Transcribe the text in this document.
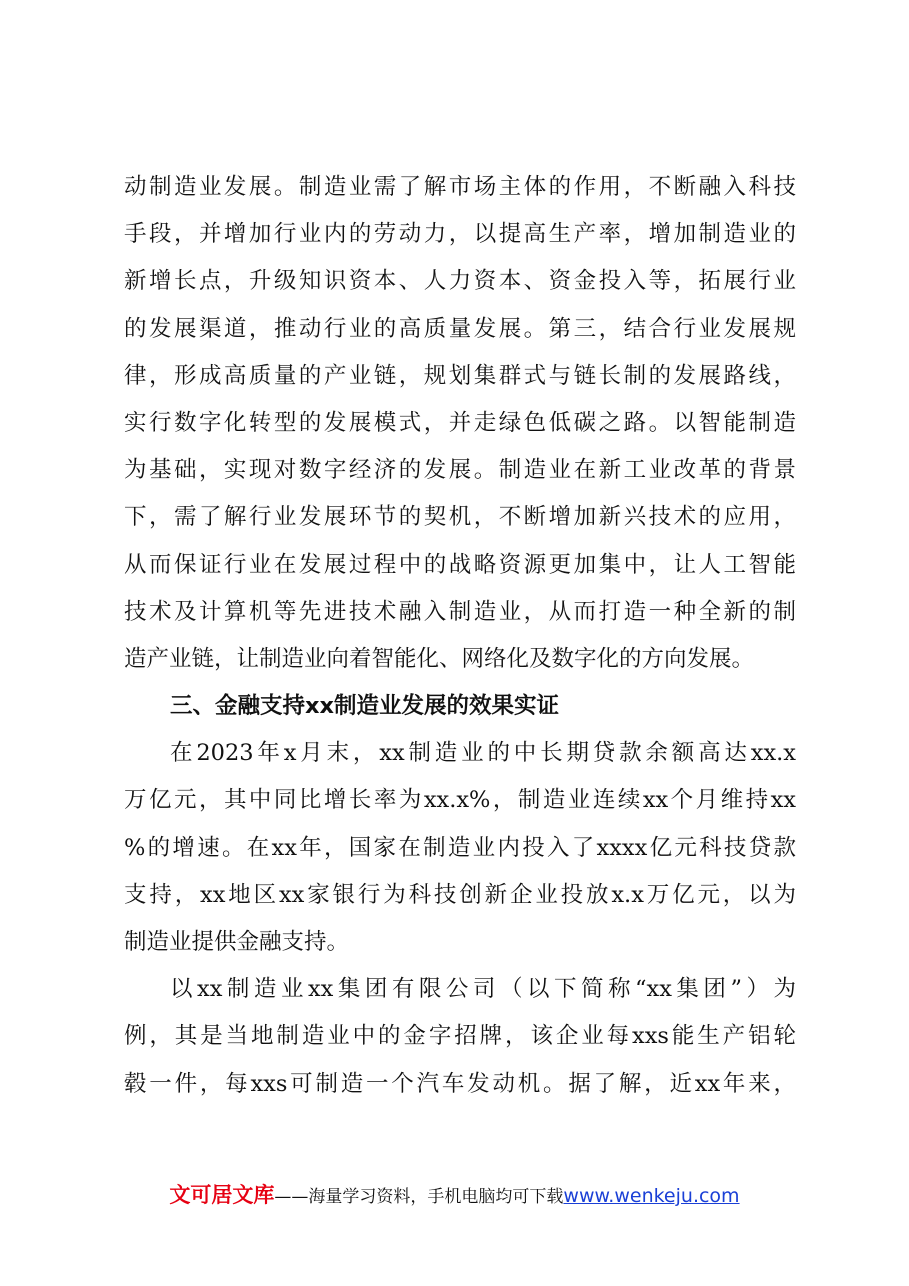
动制造业发展。制造业需了解市场主体的作用，不断融入科技
手段，并增加行业内的劳动力，以提高生产率，增加制造业的
新增长点，升级知识资本、人力资本、资金投入等，拓展行业
的发展渠道，推动行业的高质量发展。第三，结合行业发展规
律，形成高质量的产业链，规划集群式与链长制的发展路线，
实行数字化转型的发展模式，并走绿色低碳之路。以智能制造
为基础，实现对数字经济的发展。制造业在新工业改革的背景
下，需了解行业发展环节的契机，不断增加新兴技术的应用，
从而保证行业在发展过程中的战略资源更加集中，让人工智能
技术及计算机等先进技术融入制造业，从而打造一种全新的制
造产业链，让制造业向着智能化、网络化及数字化的方向发展。
三、金融支持xx制造业发展的效果实证
在2023年x月末，xx制造业的中长期贷款余额高达xx.x
万亿元，其中同比增长率为xx.x%，制造业连续xx个月维持xx
%的增速。在xx年，国家在制造业内投入了xxxx亿元科技贷款
支持，xx地区xx家银行为科技创新企业投放x.x万亿元，以为
制造业提供金融支持。
以xx制造业xx集团有限公司（以下简称“xx集团”）为
例，其是当地制造业中的金字招牌，该企业每xxs能生产铝轮
毂一件，每xxs可制造一个汽车发动机。据了解，近xx年来，
文可居文库——海量学习资料，手机电脑均可下载www.wenkeju.com
